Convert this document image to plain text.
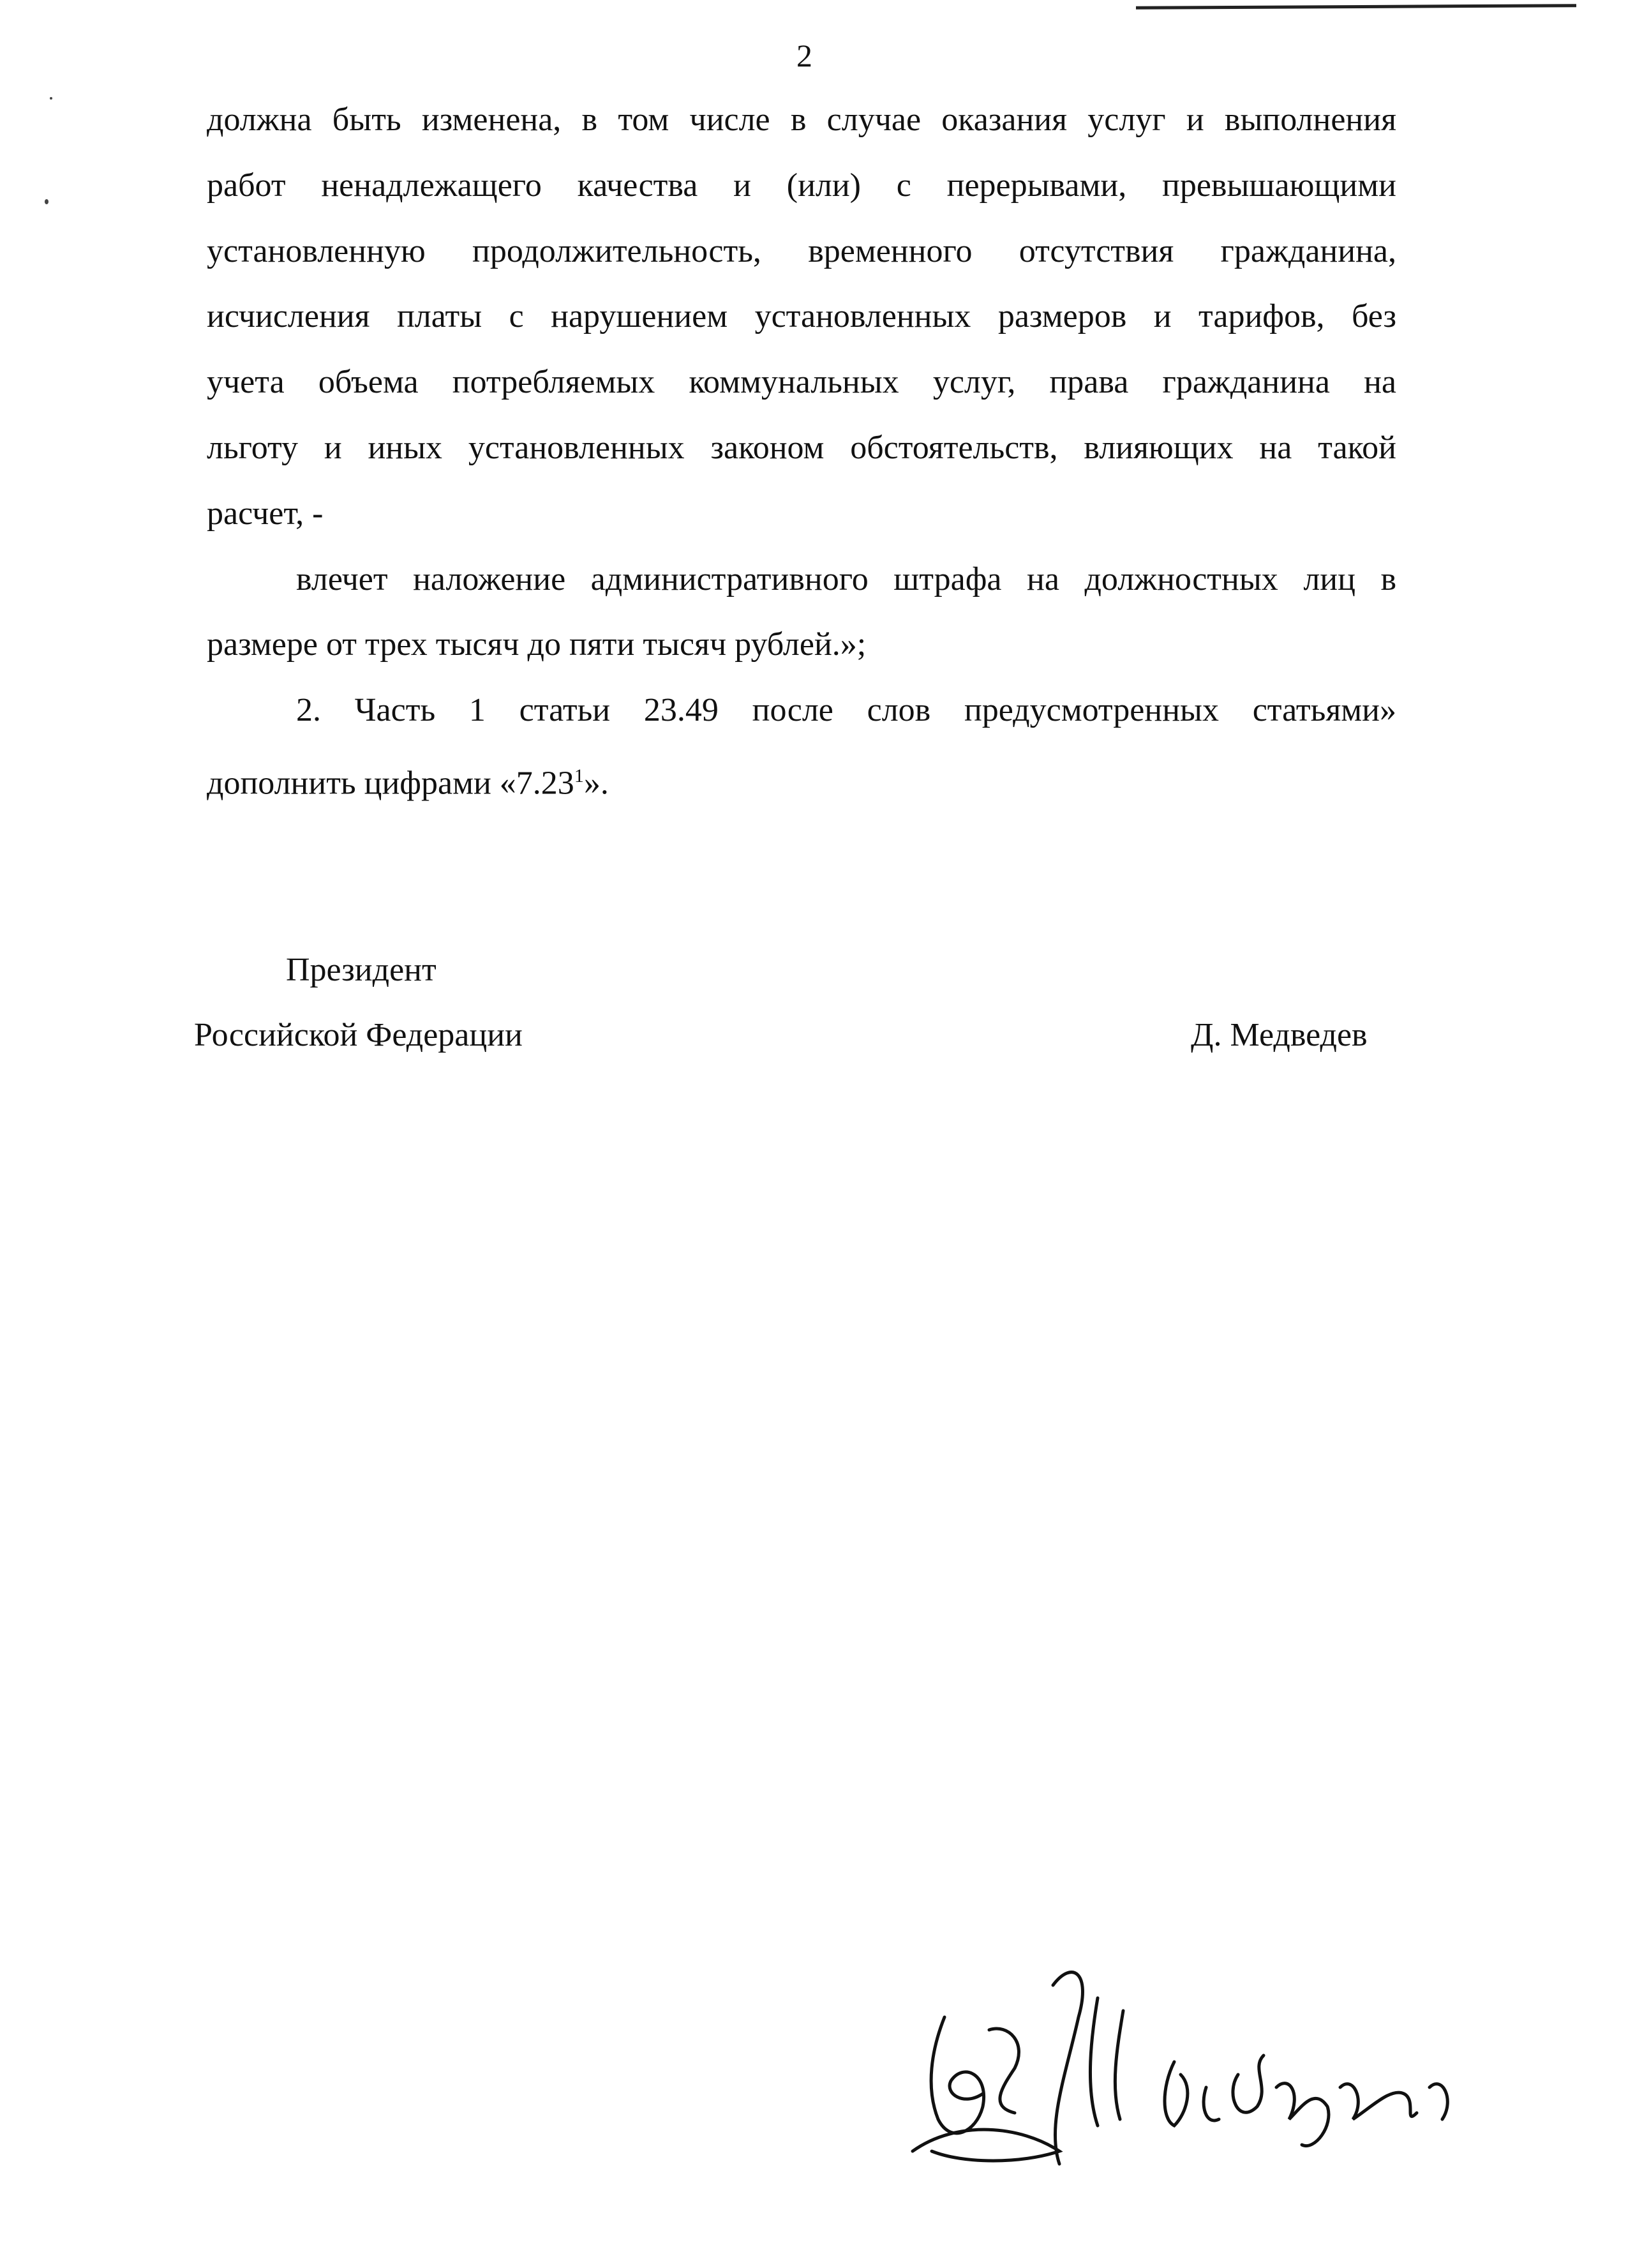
2
должна быть изменена, в том числе в случае оказания услуг и выполнения
работ ненадлежащего качества и (или) с перерывами, превышающими
установленную продолжительность, временного отсутствия гражданина,
исчисления платы с нарушением установленных размеров и тарифов, без
учета объема потребляемых коммунальных услуг, права гражданина на
льготу и иных установленных законом обстоятельств, влияющих на такой
расчет, -
влечет наложение административного штрафа на должностных лиц в
размере от трех тысяч до пяти тысяч рублей.»;
2. Часть 1 статьи 23.49 после слов предусмотренных статьями»
дополнить цифрами «7.23$^1$».
Президент
Российской Федерации	Д. Медведев
